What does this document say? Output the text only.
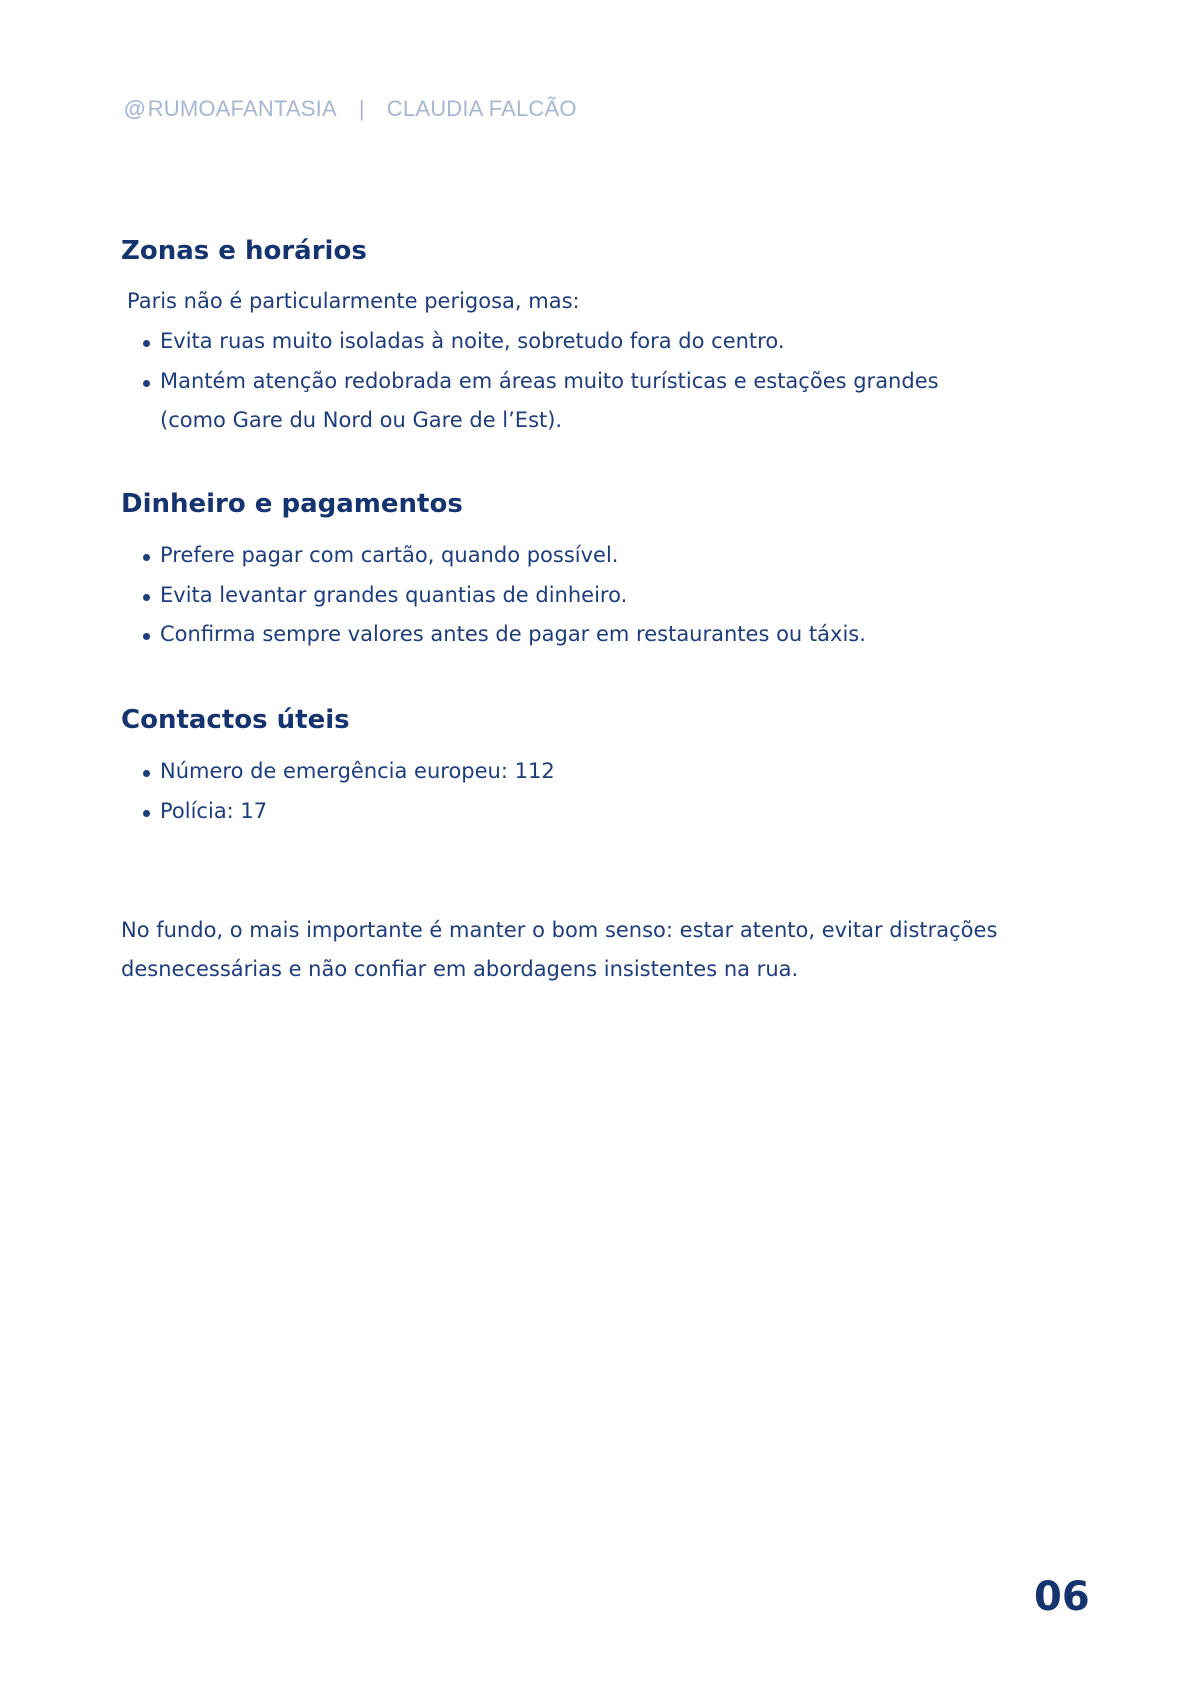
@ RUMOAFANTASIA | CLAUDIA FALCÃO
Zonas e horários
Paris não é particularmente perigosa, mas:
Evita ruas muito isoladas à noite, sobretudo fora do centro.
Mantém atenção redobrada em áreas muito turísticas e estações grandes
(como Gare du Nord ou Gare de l’Est).
Dinheiro e pagamentos
Prefere pagar com cartão, quando possível.
Evita levantar grandes quantias de dinheiro.
Confirma sempre valores antes de pagar em restaurantes ou táxis.
Contactos úteis
Número de emergência europeu: 112
Polícia: 17
No fundo, o mais importante é manter o bom senso: estar atento, evitar distrações
desnecessárias e não confiar em abordagens insistentes na rua.
06
